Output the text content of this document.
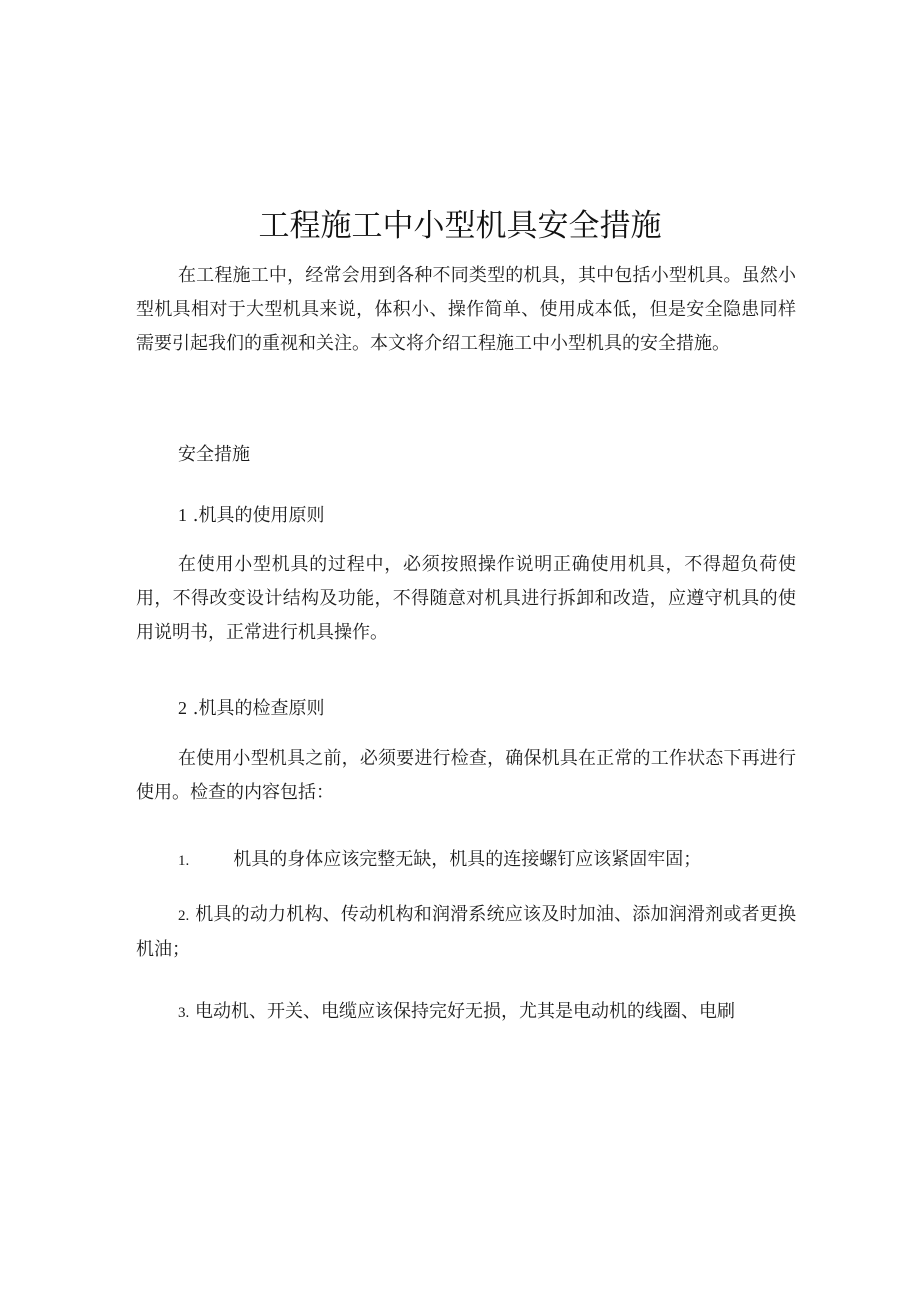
工程施工中小型机具安全措施

在工程施工中，经常会用到各种不同类型的机具，其中包括小型机具。虽然小型机具相对于大型机具来说，体积小、操作简单、使用成本低，但是安全隐患同样需要引起我们的重视和关注。本文将介绍工程施工中小型机具的安全措施。

安全措施

1 .机具的使用原则

在使用小型机具的过程中，必须按照操作说明正确使用机具，不得超负荷使用，不得改变设计结构及功能，不得随意对机具进行拆卸和改造，应遵守机具的使用说明书，正常进行机具操作。

2 .机具的检查原则

在使用小型机具之前，必须要进行检查，确保机具在正常的工作状态下再进行使用。检查的内容包括：

1. 机具的身体应该完整无缺，机具的连接螺钉应该紧固牢固；

2. 机具的动力机构、传动机构和润滑系统应该及时加油、添加润滑剂或者更换机油；

3. 电动机、开关、电缆应该保持完好无损，尤其是电动机的线圈、电刷
